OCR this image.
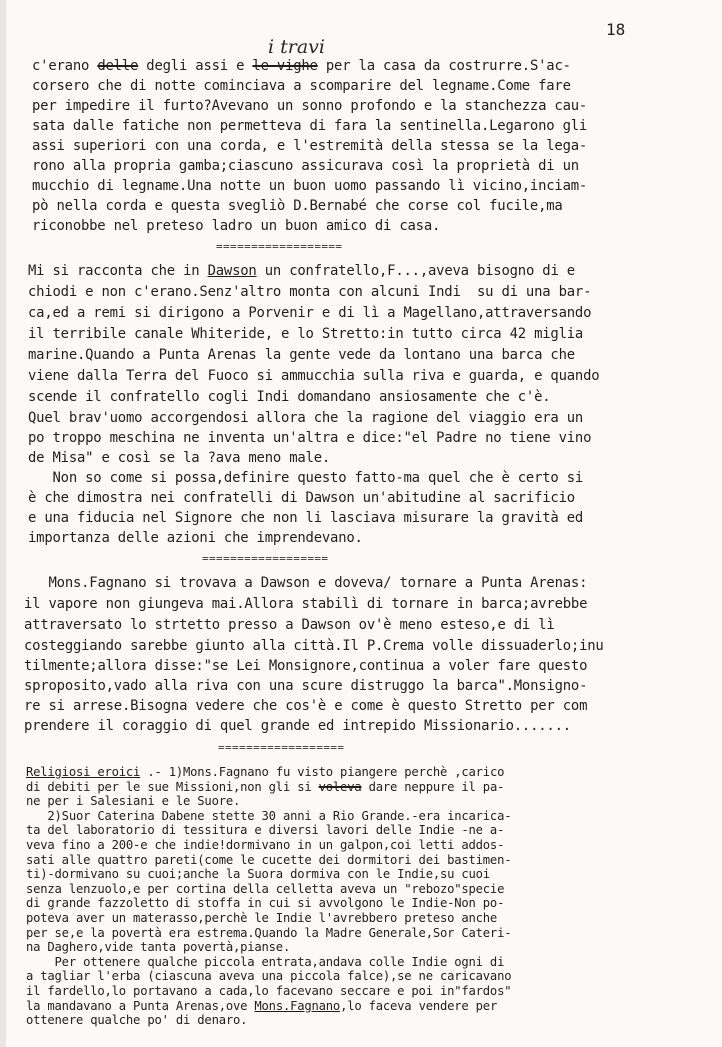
18
i travi
c'erano delle degli assi e le vighe per la casa da costrurre.S'ac-
corsero che di notte cominciava a scomparire del legname.Come fare
per impedire il furto?Avevano un sonno profondo e la stanchezza cau-
sata dalle fatiche non permetteva di fara la sentinella.Legarono gli
assi superiori con una corda, e l'estremità della stessa se la lega-
rono alla propria gamba;ciascuno assicurava così la proprietà di un
mucchio di legname.Una notte un buon uomo passando lì vicino,inciam-
pò nella corda e questa svegliò D.Bernabé che corse col fucile,ma
riconobbe nel preteso ladro un buon amico di casa.
==================
Mi si racconta che in Dawson un confratello,F...,aveva bisogno di e
chiodi e non c'erano.Senz'altro monta con alcuni Indi  su di una bar-
ca,ed a remi si dirigono a Porvenir e di lì a Magellano,attraversando
il terribile canale Whiteride, e lo Stretto:in tutto circa 42 miglia
marine.Quando a Punta Arenas la gente vede da lontano una barca che
viene dalla Terra del Fuoco si ammucchia sulla riva e guarda, e quando
scende il confratello cogli Indi domandano ansiosamente che c'è.
Quel brav'uomo accorgendosi allora che la ragione del viaggio era un
po troppo meschina ne inventa un'altra e dice:"el Padre no tiene vino
de Misa" e così se la ?ava meno male.
Non so come si possa,definire questo fatto-ma quel che è certo si
è che dimostra nei confratelli di Dawson un'abitudine al sacrificio
e una fiducia nel Signore che non li lasciava misurare la gravità ed
importanza delle azioni che imprendevano.
==================
Mons.Fagnano si trovava a Dawson e doveva/ tornare a Punta Arenas:
il vapore non giungeva mai.Allora stabilì di tornare in barca;avrebbe
attraversato lo strtetto presso a Dawson ov'è meno esteso,e di lì
costeggiando sarebbe giunto alla città.Il P.Crema volle dissuaderlo;inu
tilmente;allora disse:"se Lei Monsignore,continua a voler fare questo
sproposito,vado alla riva con una scure distruggo la barca".Monsigno-
re si arrese.Bisogna vedere che cos'è e come è questo Stretto per com
prendere il coraggio di quel grande ed intrepido Missionario.......
==================
Religiosi eroici .- 1)Mons.Fagnano fu visto piangere perchè ,carico
di debiti per le sue Missioni,non gli si voleva dare neppure il pa-
ne per i Salesiani e le Suore.
2)Suor Caterina Dabene stette 30 anni a Rio Grande.-era incarica-
ta del laboratorio di tessitura e diversi lavori delle Indie -ne a-
veva fino a 200-e che indie!dormivano in un galpon,coi letti addos-
sati alle quattro pareti(come le cucette dei dormitori dei bastimen-
ti)-dormivano su cuoi;anche la Suora dormiva con le Indie,su cuoi
senza lenzuolo,e per cortina della celletta aveva un "rebozo"specie
di grande fazzoletto di stoffa in cui si avvolgono le Indie-Non po-
poteva aver un materasso,perchè le Indie l'avrebbero preteso anche
per se,e la povertà era estrema.Quando la Madre Generale,Sor Cateri-
na Daghero,vide tanta povertà,pianse.
Per ottenere qualche piccola entrata,andava colle Indie ogni di
a tagliar l'erba (ciascuna aveva una piccola falce),se ne caricavano
il fardello,lo portavano a cada,lo facevano seccare e poi in"fardos"
la mandavano a Punta Arenas,ove Mons.Fagnano,lo faceva vendere per
ottenere qualche po' di denaro.
